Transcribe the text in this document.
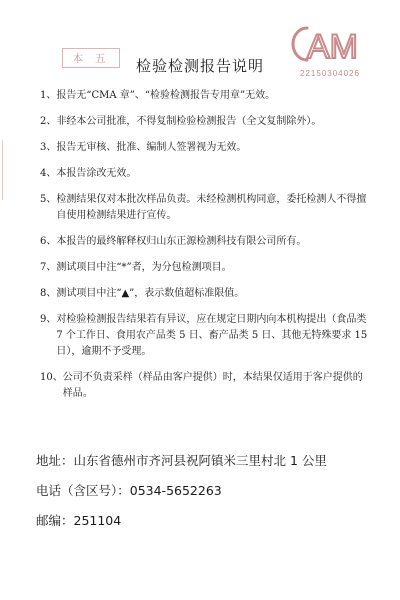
本 五	AM
22150304026
检验检测报告说明
1、 报告无“CMA 章”、“检验检测报告专用章”无效。
2、 非经本公司批准，不得复制检验检测报告（全文复制除外）。
3、 报告无审核、批准、编制人签署视为无效。
4、 本报告涂改无效。
5、 检测结果仅对本批次样品负责。未经检测机构同意，委托检测人不得擅自使用检测结果进行宣传。
6、 本报告的最终解释权归山东正源检测科技有限公司所有。
7、 测试项目中注“*”者，为分包检测项目。
8、 测试项目中注“▲”，表示数值超标准限值。
9、 对检验检测报告结果若有异议，应在规定日期内向本机构提出（食品类 7 个工作日、食用农产品类 5 日、畜产品类 5 日、其他无特殊要求 15 日），逾期不予受理。
10、 公司不负责采样（样品由客户提供）时，本结果仅适用于客户提供的样品。
地址：山东省德州市齐河县祝阿镇米三里村北 1 公里
电话（含区号）：0534-5652263
邮编：251104
